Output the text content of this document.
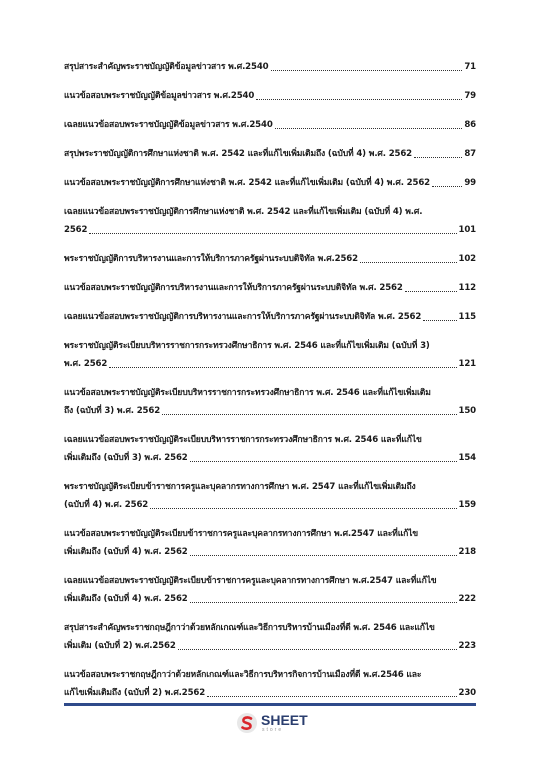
สรุปสาระสำคัญพระราชบัญญัติข้อมูลข่าวสาร พ.ศ.2540	71
แนวข้อสอบพระราชบัญญัติข้อมูลข่าวสาร พ.ศ.2540	79
เฉลยแนวข้อสอบพระราชบัญญัติข้อมูลข่าวสาร พ.ศ.2540	86
สรุปพระราชบัญญัติการศึกษาแห่งชาติ พ.ศ. 2542 และที่แก้ไขเพิ่มเติมถึง (ฉบับที่ 4) พ.ศ. 2562	87
แนวข้อสอบพระราชบัญญัติการศึกษาแห่งชาติ พ.ศ. 2542 และที่แก้ไขเพิ่มเติม (ฉบับที่ 4) พ.ศ. 2562	99
เฉลยแนวข้อสอบพระราชบัญญัติการศึกษาแห่งชาติ พ.ศ. 2542 และที่แก้ไขเพิ่มเติม (ฉบับที่ 4) พ.ศ.
2562	101
พระราชบัญญัติการบริหารงานและการให้บริการภาครัฐผ่านระบบดิจิทัล พ.ศ.2562	102
แนวข้อสอบพระราชบัญญัติการบริหารงานและการให้บริการภาครัฐผ่านระบบดิจิทัล พ.ศ. 2562	112
เฉลยแนวข้อสอบพระราชบัญญัติการบริหารงานและการให้บริการภาครัฐผ่านระบบดิจิทัล พ.ศ. 2562	115
พระราชบัญญัติระเบียบบริหารราชการกระทรวงศึกษาธิการ พ.ศ. 2546 และที่แก้ไขเพิ่มเติม (ฉบับที่ 3)
พ.ศ. 2562	121
แนวข้อสอบพระราชบัญญัติระเบียบบริหารราชการกระทรวงศึกษาธิการ พ.ศ. 2546 และที่แก้ไขเพิ่มเติม
ถึง (ฉบับที่ 3) พ.ศ. 2562	150
เฉลยแนวข้อสอบพระราชบัญญัติระเบียบบริหารราชการกระทรวงศึกษาธิการ พ.ศ. 2546 และที่แก้ไข
เพิ่มเติมถึง (ฉบับที่ 3) พ.ศ. 2562	154
พระราชบัญญัติระเบียบข้าราชการครูและบุคลากรทางการศึกษา พ.ศ. 2547 และที่แก้ไขเพิ่มเติมถึง
(ฉบับที่ 4) พ.ศ. 2562	159
แนวข้อสอบพระราชบัญญัติระเบียบข้าราชการครูและบุคลากรทางการศึกษา พ.ศ.2547 และที่แก้ไข
เพิ่มเติมถึง (ฉบับที่ 4) พ.ศ. 2562	218
เฉลยแนวข้อสอบพระราชบัญญัติระเบียบข้าราชการครูและบุคลากรทางการศึกษา พ.ศ.2547 และที่แก้ไข
เพิ่มเติมถึง (ฉบับที่ 4) พ.ศ. 2562	222
สรุปสาระสำคัญพระราชกฤษฎีกาว่าด้วยหลักเกณฑ์และวิธีการบริหารบ้านเมืองที่ดี พ.ศ. 2546 และแก้ไข
เพิ่มเติม (ฉบับที่ 2) พ.ศ.2562	223
แนวข้อสอบพระราชกฤษฎีกาว่าด้วยหลักเกณฑ์และวิธีการบริหารกิจการบ้านเมืองที่ดี พ.ศ.2546 และ
แก้ไขเพิ่มเติมถึง (ฉบับที่ 2) พ.ศ.2562	230
SHEET
store
